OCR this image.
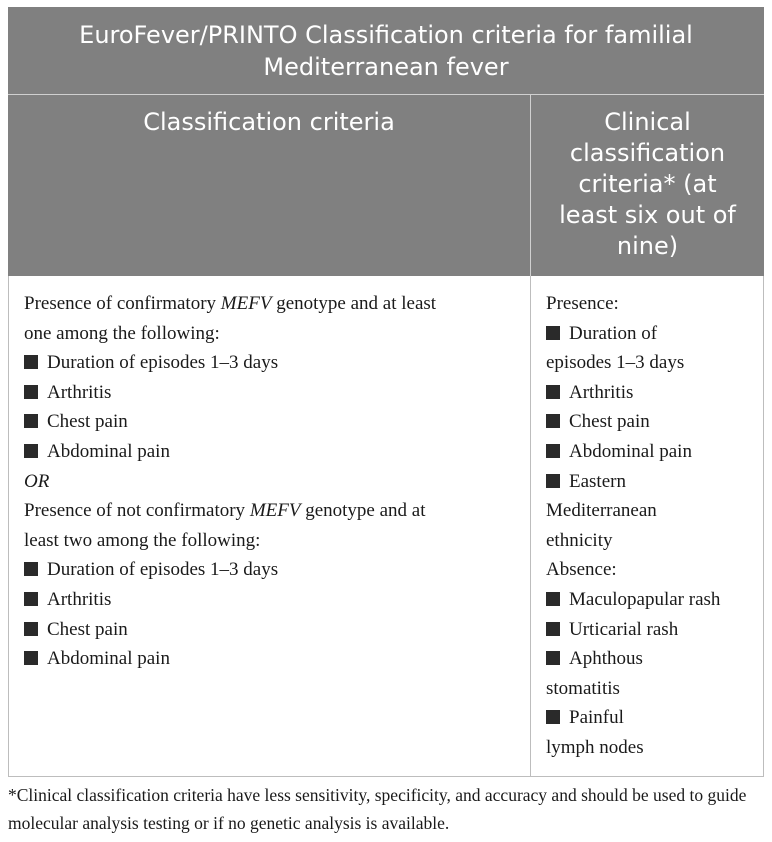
EuroFever/PRINTO Classification criteria for familial Mediterranean fever
Classification criteria	Clinical classification criteria* (at least six out of nine)
Presence of confirmatory MEFV genotype and at least
one among the following:
Duration of episodes 1–3 days
Arthritis
Chest pain
Abdominal pain
OR
Presence of not confirmatory MEFV genotype and at
least two among the following:
Duration of episodes 1–3 days
Arthritis
Chest pain
Abdominal pain
Presence:
Duration of
episodes 1–3 days
Arthritis
Chest pain
Abdominal pain
Eastern
Mediterranean
ethnicity
Absence:
Maculopapular rash
Urticarial rash
Aphthous
stomatitis
Painful
lymph nodes
*Clinical classification criteria have less sensitivity, specificity, and accuracy and should be used to guide molecular analysis testing or if no genetic analysis is available.
